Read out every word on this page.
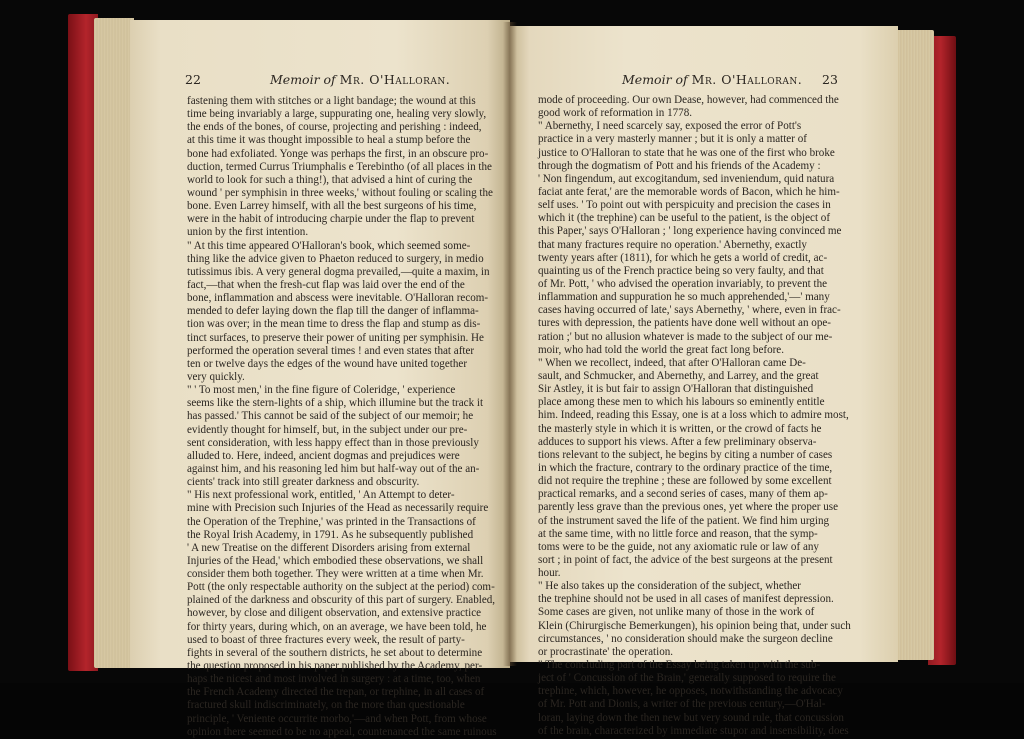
22	Memoir of Mr. O'Halloran.
fastening them with stitches or a light bandage; the wound at this
time being invariably a large, suppurating one, healing very slowly,
the ends of the bones, of course, projecting and perishing : indeed,
at this time it was thought impossible to heal a stump before the
bone had exfoliated. Yonge was perhaps the first, in an obscure pro-
duction, termed Currus Triumphalis e Terebintho (of all places in the
world to look for such a thing!), that advised a hint of curing the
wound ' per symphisin in three weeks,' without fouling or scaling the
bone. Even Larrey himself, with all the best surgeons of his time,
were in the habit of introducing charpie under the flap to prevent
union by the first intention.
" At this time appeared O'Halloran's book, which seemed some-
thing like the advice given to Phaeton reduced to surgery, in medio
tutissimus ibis. A very general dogma prevailed,—quite a maxim, in
fact,—that when the fresh-cut flap was laid over the end of the
bone, inflammation and abscess were inevitable. O'Halloran recom-
mended to defer laying down the flap till the danger of inflamma-
tion was over; in the mean time to dress the flap and stump as dis-
tinct surfaces, to preserve their power of uniting per symphisin. He
performed the operation several times ! and even states that after
ten or twelve days the edges of the wound have united together
very quickly.
" ' To most men,' in the fine figure of Coleridge, ' experience
seems like the stern-lights of a ship, which illumine but the track it
has passed.' This cannot be said of the subject of our memoir; he
evidently thought for himself, but, in the subject under our pre-
sent consideration, with less happy effect than in those previously
alluded to. Here, indeed, ancient dogmas and prejudices were
against him, and his reasoning led him but half-way out of the an-
cients' track into still greater darkness and obscurity.
" His next professional work, entitled, ' An Attempt to deter-
mine with Precision such Injuries of the Head as necessarily require
the Operation of the Trephine,' was printed in the Transactions of
the Royal Irish Academy, in 1791. As he subsequently published
' A new Treatise on the different Disorders arising from external
Injuries of the Head,' which embodied these observations, we shall
consider them both together. They were written at a time when Mr.
Pott (the only respectable authority on the subject at the period) com-
plained of the darkness and obscurity of this part of surgery. Enabled,
however, by close and diligent observation, and extensive practice
for thirty years, during which, on an average, we have been told, he
used to boast of three fractures every week, the result of party-
fights in several of the southern districts, he set about to determine
the question proposed in his paper published by the Academy, per-
haps the nicest and most involved in surgery : at a time, too, when
the French Academy directed the trepan, or trephine, in all cases of
fractured skull indiscriminately, on the more than questionable
principle, ' Veniente occurrite morbo,'—and when Pott, from whose
opinion there seemed to be no appeal, countenanced the same ruinous
Memoir of Mr. O'Halloran. 23
mode of proceeding. Our own Dease, however, had commenced the
good work of reformation in 1778.
" Abernethy, I need scarcely say, exposed the error of Pott's
practice in a very masterly manner ; but it is only a matter of
justice to O'Halloran to state that he was one of the first who broke
through the dogmatism of Pott and his friends of the Academy :
' Non fingendum, aut excogitandum, sed inveniendum, quid natura
faciat ante ferat,' are the memorable words of Bacon, which he him-
self uses. ' To point out with perspicuity and precision the cases in
which it (the trephine) can be useful to the patient, is the object of
this Paper,' says O'Halloran ; ' long experience having convinced me
that many fractures require no operation.' Abernethy, exactly
twenty years after (1811), for which he gets a world of credit, ac-
quainting us of the French practice being so very faulty, and that
of Mr. Pott, ' who advised the operation invariably, to prevent the
inflammation and suppuration he so much apprehended,'—' many
cases having occurred of late,' says Abernethy, ' where, even in frac-
tures with depression, the patients have done well without an ope-
ration ;' but no allusion whatever is made to the subject of our me-
moir, who had told the world the great fact long before.
" When we recollect, indeed, that after O'Halloran came De-
sault, and Schmucker, and Abernethy, and Larrey, and the great
Sir Astley, it is but fair to assign O'Halloran that distinguished
place among these men to which his labours so eminently entitle
him. Indeed, reading this Essay, one is at a loss which to admire most,
the masterly style in which it is written, or the crowd of facts he
adduces to support his views. After a few preliminary observa-
tions relevant to the subject, he begins by citing a number of cases
in which the fracture, contrary to the ordinary practice of the time,
did not require the trephine ; these are followed by some excellent
practical remarks, and a second series of cases, many of them ap-
parently less grave than the previous ones, yet where the proper use
of the instrument saved the life of the patient. We find him urging
at the same time, with no little force and reason, that the symp-
toms were to be the guide, not any axiomatic rule or law of any
sort ; in point of fact, the advice of the best surgeons at the present
hour.
" He also takes up the consideration of the subject, whether
the trephine should not be used in all cases of manifest depression.
Some cases are given, not unlike many of those in the work of
Klein (Chirurgische Bemerkungen), his opinion being that, under such
circumstances, ' no consideration should make the surgeon decline
or procrastinate' the operation.
" The concluding part of the Essay being taken up with the sub-
ject of ' Concussion of the Brain,' generally supposed to require the
trephine, which, however, he opposes, notwithstanding the advocacy
of Mr. Pott and Dionis, a writer of the previous century,—O'Hal-
loran, laying down the then new but very sound rule, that concussion
of the brain, characterized by immediate stupor and insensibility, does
